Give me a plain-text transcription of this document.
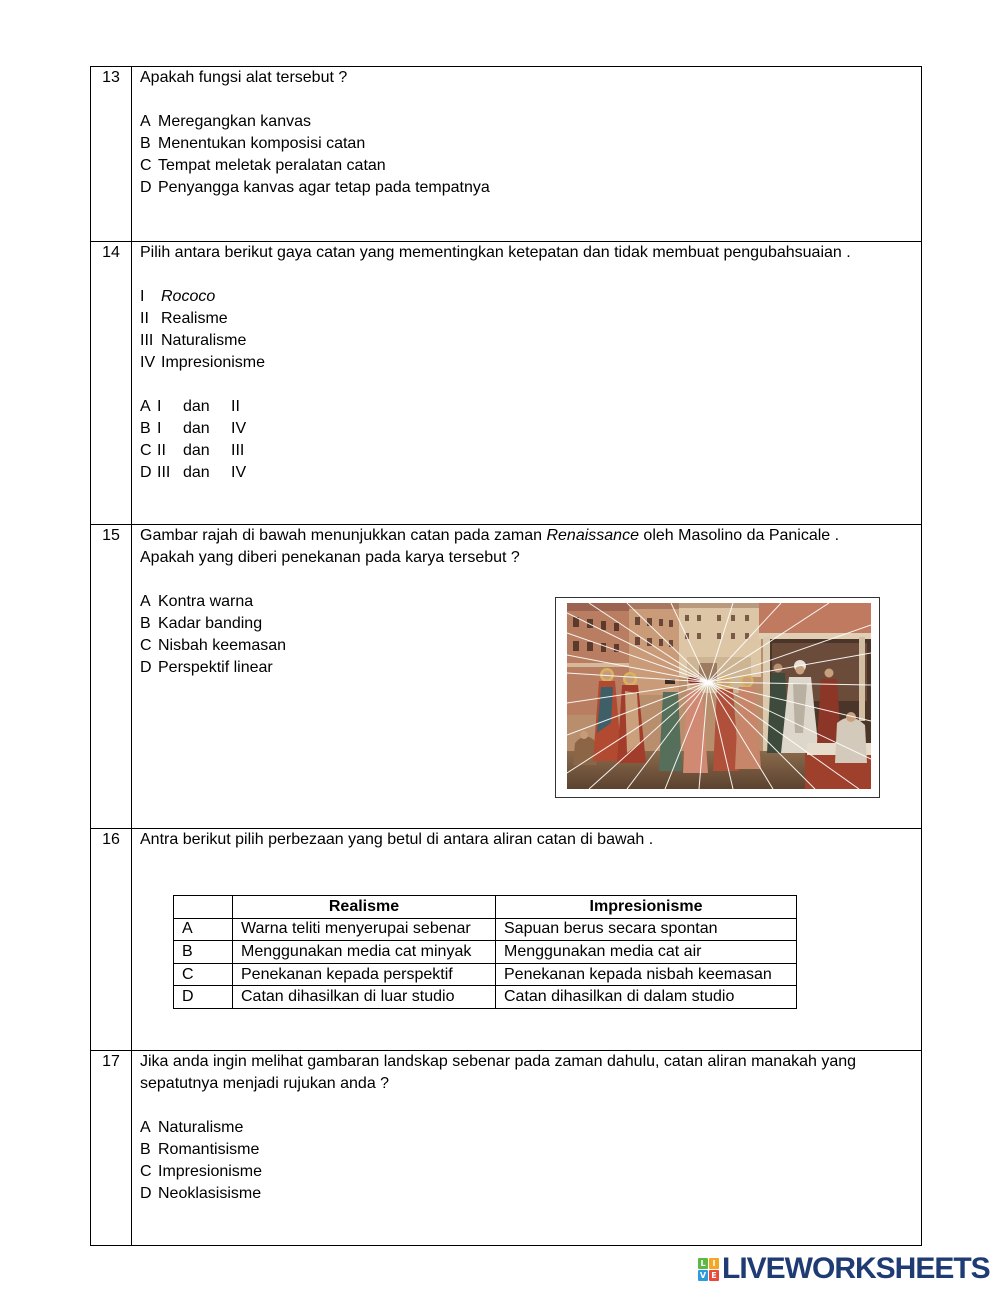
13	Apakah fungsi alat tersebut ?
A Meregangkan kanvas
B Menentukan komposisi catan
C Tempat meletak peralatan catan
D Penyangga kanvas agar tetap pada tempatnya
14	Pilih antara berikut gaya catan yang mementingkan ketepatan dan tidak membuat pengubahsuaian .
I Rococo
II Realisme
III Naturalisme
IV Impresionisme
A I dan II
B I dan IV
C II dan III
D III dan IV
15	Gambar rajah di bawah menunjukkan catan pada zaman Renaissance oleh Masolino da Panicale .
Apakah yang diberi penekanan pada karya tersebut ?
A Kontra warna
B Kadar banding
C Nisbah keemasan
D Perspektif linear
16	Antra berikut pilih perbezaan yang betul di antara aliran catan di bawah .
	Realisme	Impresionisme
A	Warna teliti menyerupai sebenar	Sapuan berus secara spontan
B	Menggunakan media cat minyak	Menggunakan media cat air
C	Penekanan kepada perspektif	Penekanan kepada nisbah keemasan
D	Catan dihasilkan di luar studio	Catan dihasilkan di dalam studio
17	Jika anda ingin melihat gambaran landskap sebenar pada zaman dahulu, catan aliran manakah yang
sepatutnya menjadi rujukan anda ?
A Naturalisme
B Romantisisme
C Impresionisme
D Neoklasisisme
L I
V E LIVEWORKSHEETS
